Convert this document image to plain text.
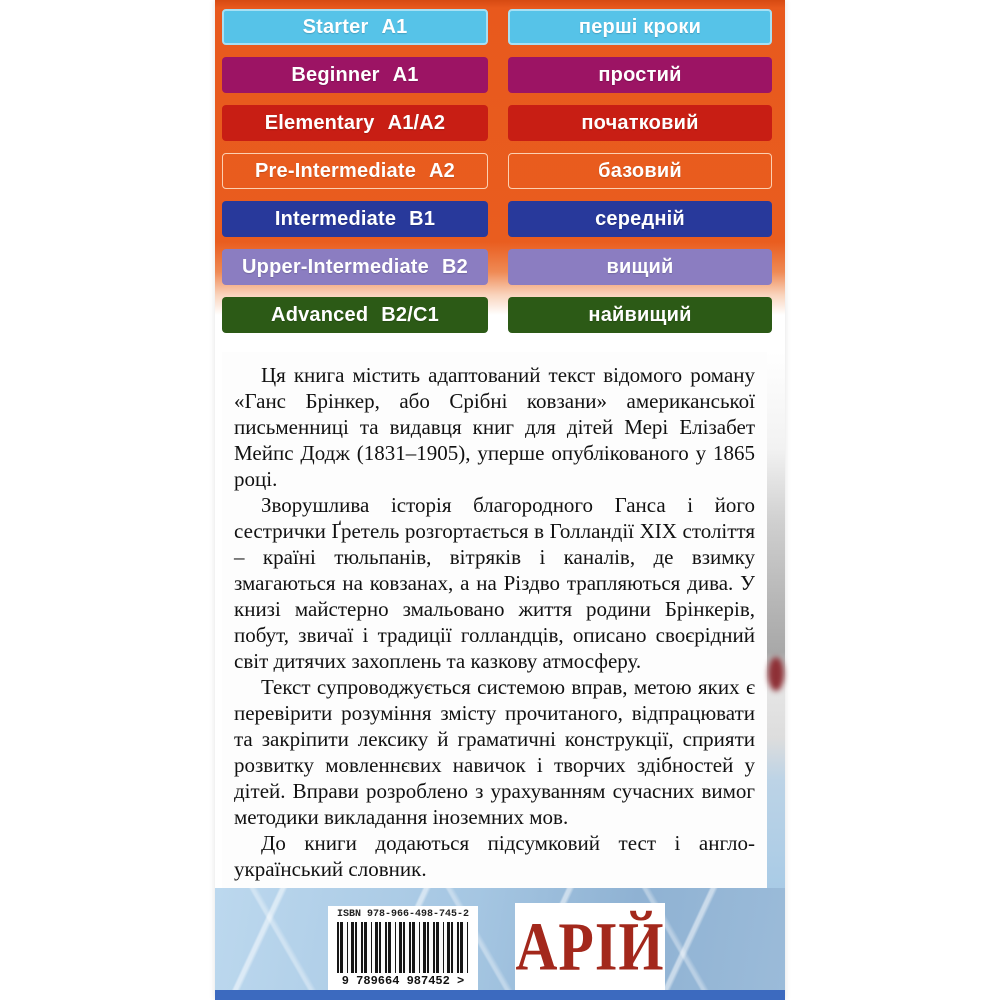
Starter A1	перші кроки
Beginner A1	простий
Elementary A1/A2	початковий
Pre-Intermediate A2	базовий
Intermediate B1	середній
Upper-Intermediate B2	вищий
Advanced B2/C1	найвищий

Ця книга містить адаптований текст відомого роману «Ганс Брінкер, або Срібні ковзани» американської письменниці та видавця книг для дітей Мері Елізабет Мейпс Додж (1831–1905), уперше опублікованого у 1865 році.

Зворушлива історія благородного Ганса і його сестрички Ґретель розгортається в Голландії XIX століття – країні тюльпанів, вітряків і каналів, де взимку змагаються на ковзанах, а на Різдво трапляються дива. У книзі майстерно змальовано життя родини Брінкерів, побут, звичаї і традиції голландців, описано своєрідний світ дитячих захоплень та казкову атмосферу.

Текст супроводжується системою вправ, метою яких є перевірити розуміння змісту прочитаного, відпрацювати та закріпити лексику й граматичні конструкції, сприяти розвитку мовленнєвих навичок і творчих здібностей у дітей. Вправи розроблено з урахуванням сучасних вимог методики викладання іноземних мов.

До книги додаються підсумковий тест і англо-український словник.

ISBN 978-966-498-745-2
9 789664 987452 > АРІЙ
